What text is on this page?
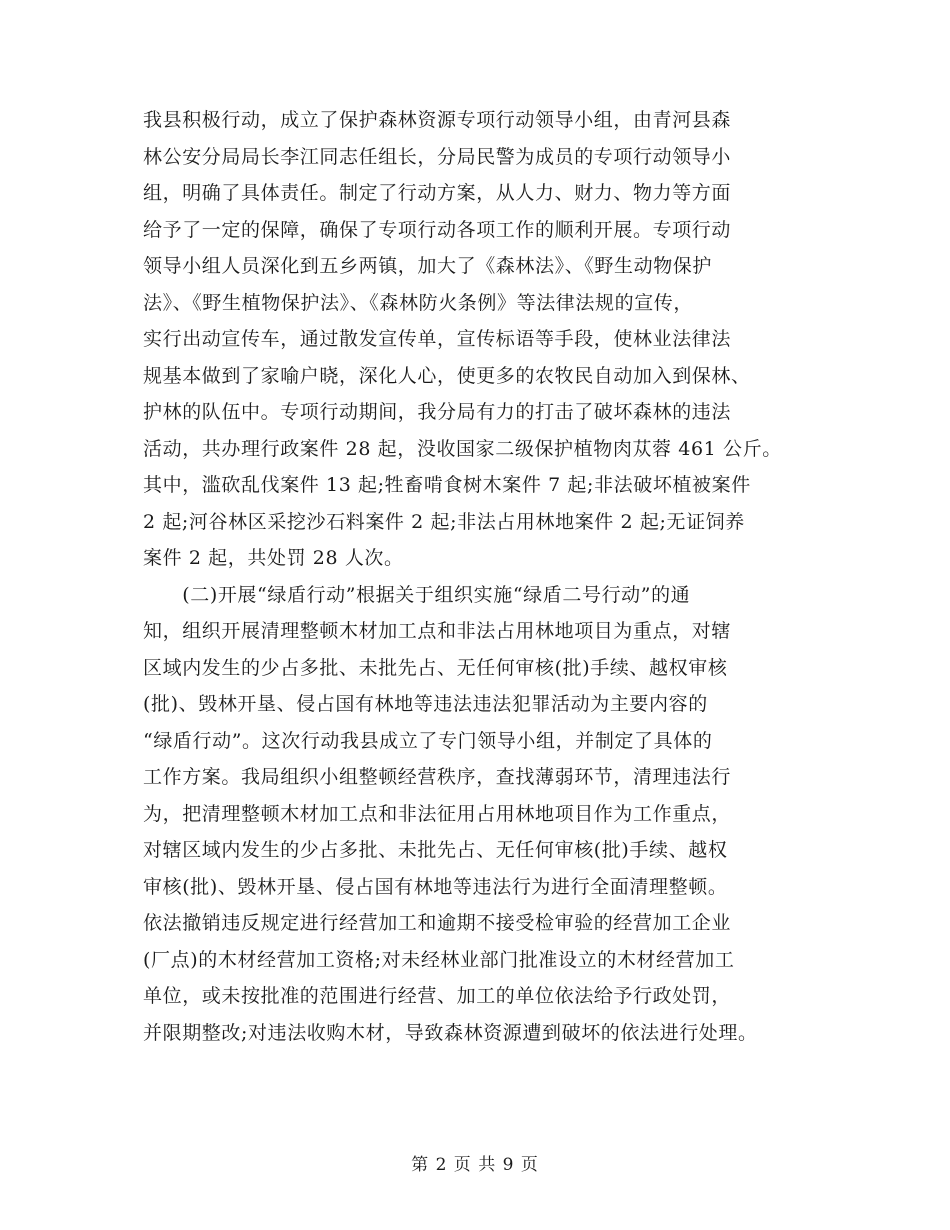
我县积极行动，成立了保护森林资源专项行动领导小组，由青河县森
林公安分局局长李江同志任组长，分局民警为成员的专项行动领导小
组，明确了具体责任。制定了行动方案，从人力、财力、物力等方面
给予了一定的保障，确保了专项行动各项工作的顺利开展。专项行动
领导小组人员深化到五乡两镇，加大了《森林法》、《野生动物保护
法》、《野生植物保护法》、《森林防火条例》等法律法规的宣传，
实行出动宣传车，通过散发宣传单，宣传标语等手段，使林业法律法
规基本做到了家喻户晓，深化人心，使更多的农牧民自动加入到保林、
护林的队伍中。专项行动期间，我分局有力的打击了破坏森林的违法
活动，共办理行政案件 28 起，没收国家二级保护植物肉苁蓉 461 公斤。
其中，滥砍乱伐案件 13 起;牲畜啃食树木案件 7 起;非法破坏植被案件
2 起;河谷林区采挖沙石料案件 2 起;非法占用林地案件 2 起;无证饲养
案件 2 起，共处罚 28 人次。
　　(二)开展“绿盾行动”根据关于组织实施“绿盾二号行动”的通
知，组织开展清理整顿木材加工点和非法占用林地项目为重点，对辖
区域内发生的少占多批、未批先占、无任何审核(批)手续、越权审核
(批)、毁林开垦、侵占国有林地等违法违法犯罪活动为主要内容的
“绿盾行动”。这次行动我县成立了专门领导小组，并制定了具体的
工作方案。我局组织小组整顿经营秩序，查找薄弱环节，清理违法行
为，把清理整顿木材加工点和非法征用占用林地项目作为工作重点，
对辖区域内发生的少占多批、未批先占、无任何审核(批)手续、越权
审核(批)、毁林开垦、侵占国有林地等违法行为进行全面清理整顿。
依法撤销违反规定进行经营加工和逾期不接受检审验的经营加工企业
(厂点)的木材经营加工资格;对未经林业部门批准设立的木材经营加工
单位，或未按批准的范围进行经营、加工的单位依法给予行政处罚，
并限期整改;对违法收购木材，导致森林资源遭到破坏的依法进行处理。
第 2 页 共 9 页
